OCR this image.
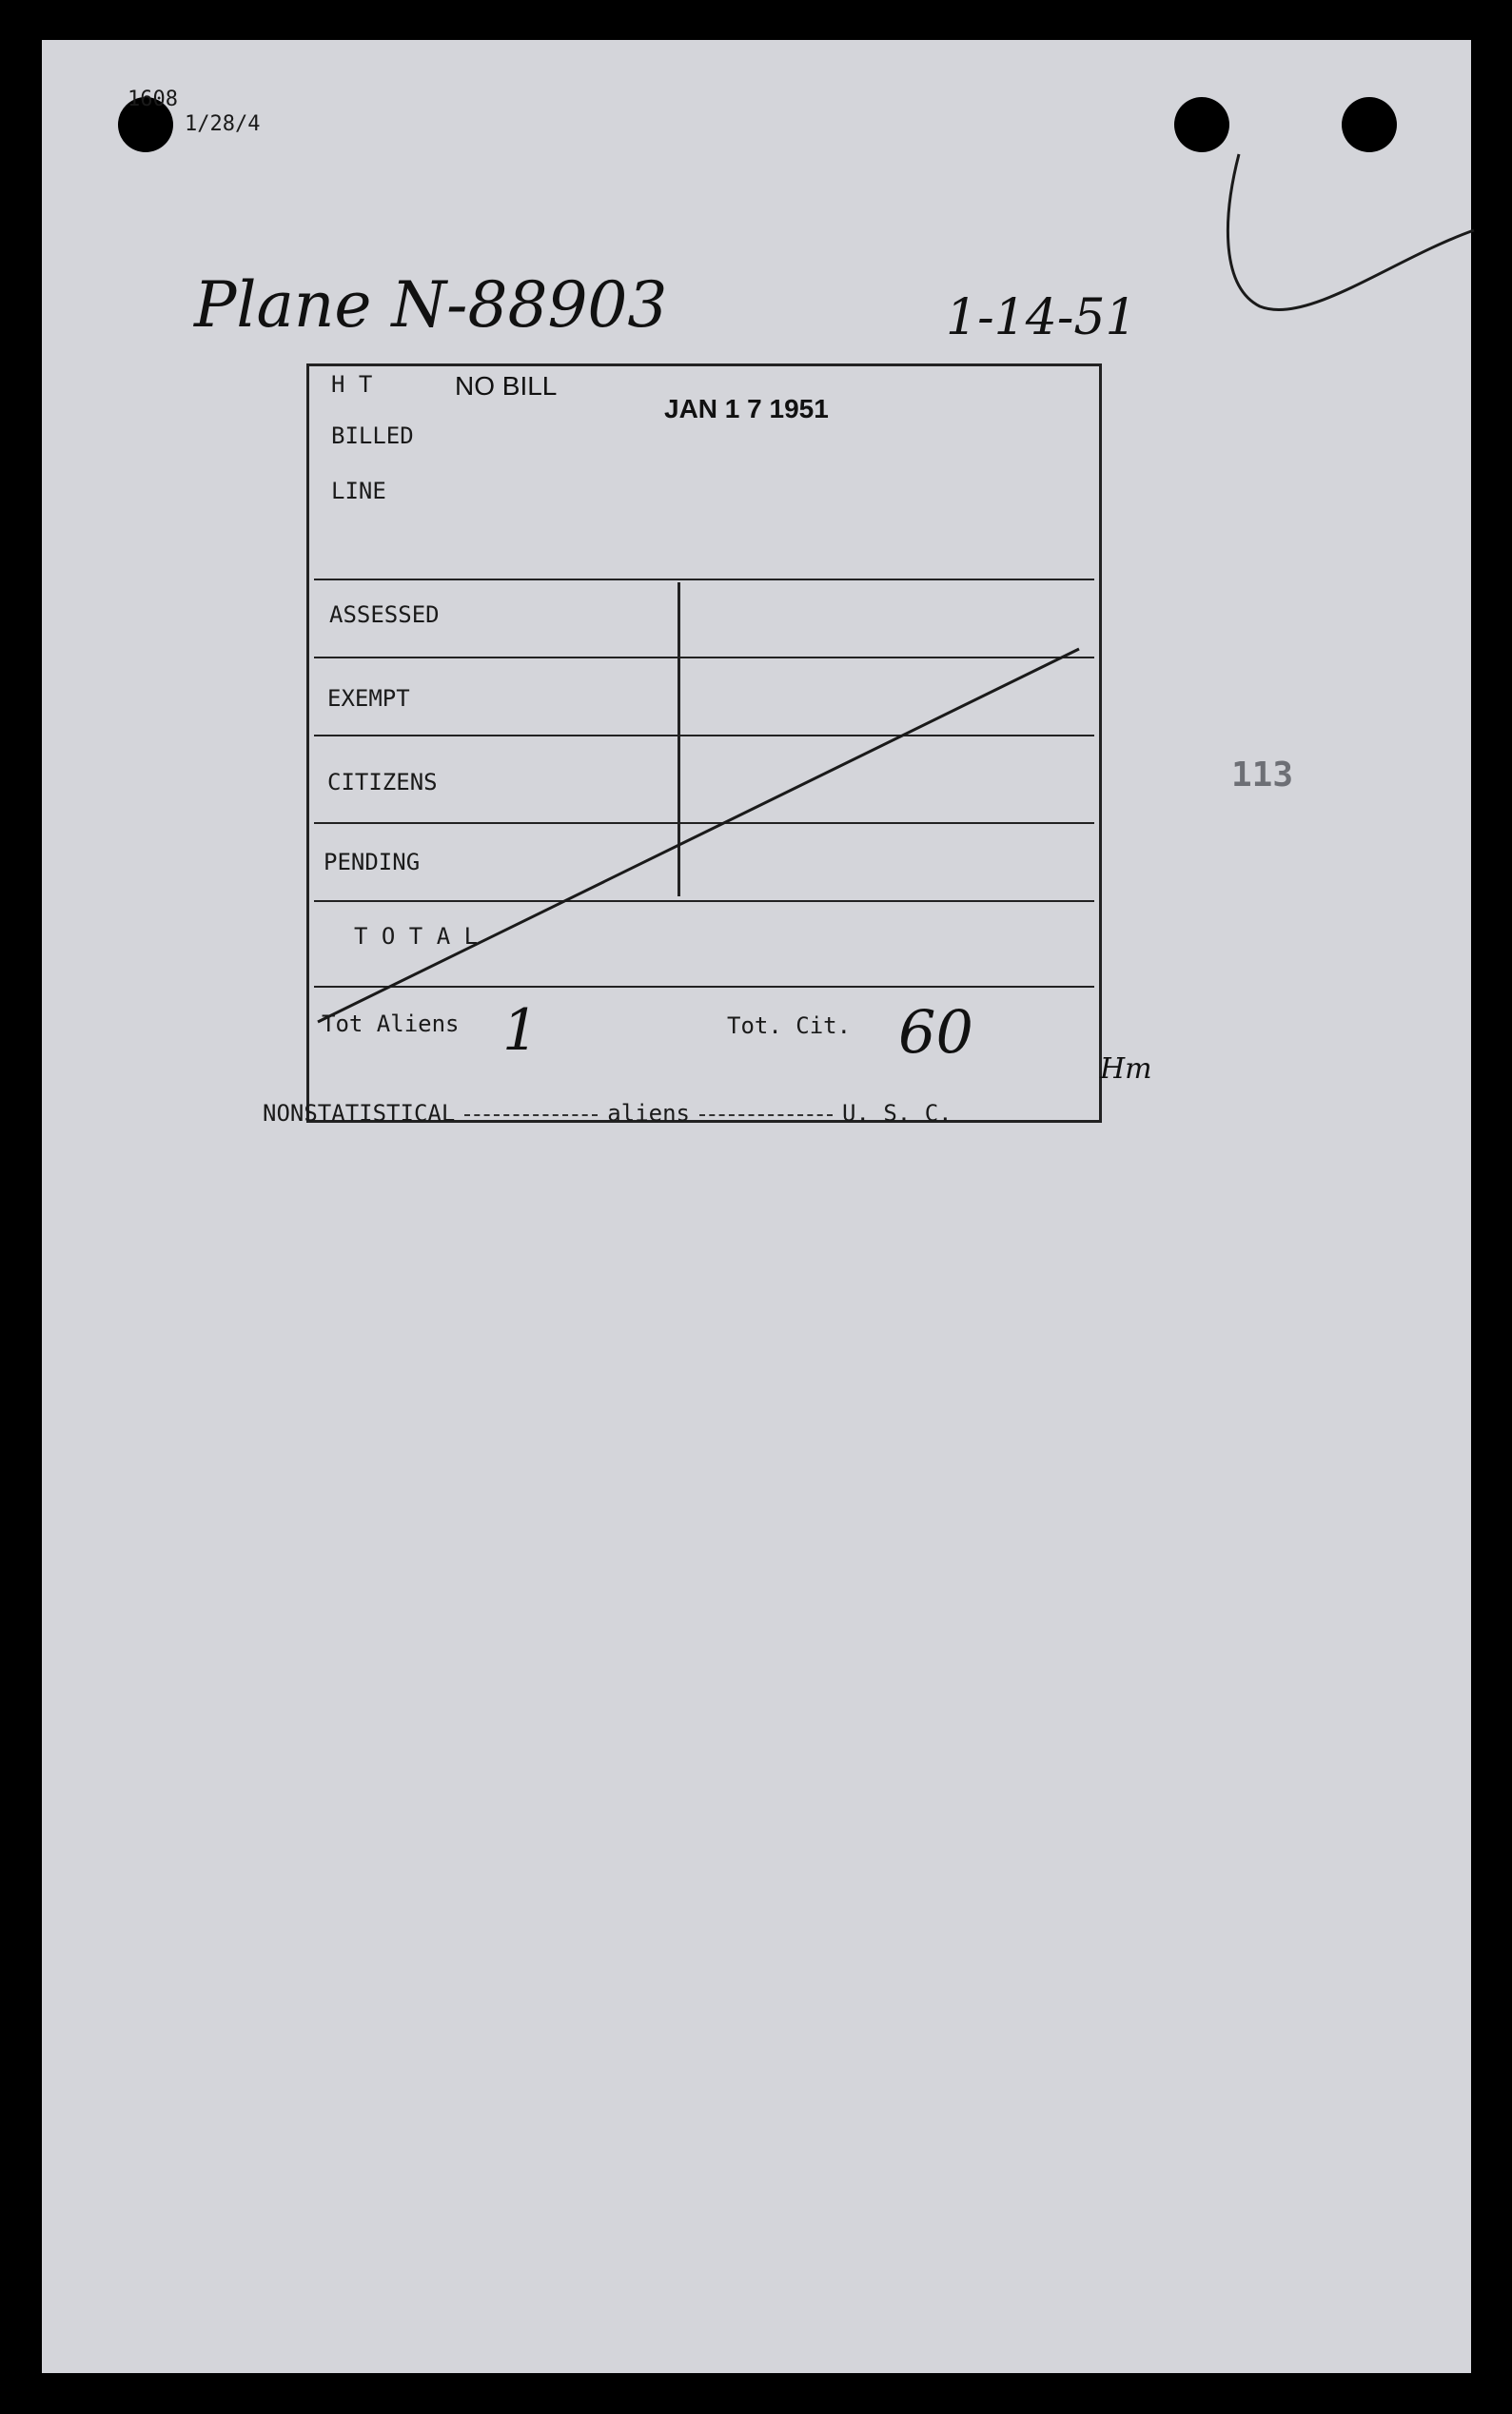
1608
1/28/4
Plane N-88903	1-14-51
H T	NO BILL
JAN 1 7 1951
BILLED
LINE
ASSESSED
EXEMPT
CITIZENS
PENDING
T O T A L
Tot Aliens 1	Tot. Cit. 60
Hm
NONSTATISTICAL	aliens	U. S. C.
113
